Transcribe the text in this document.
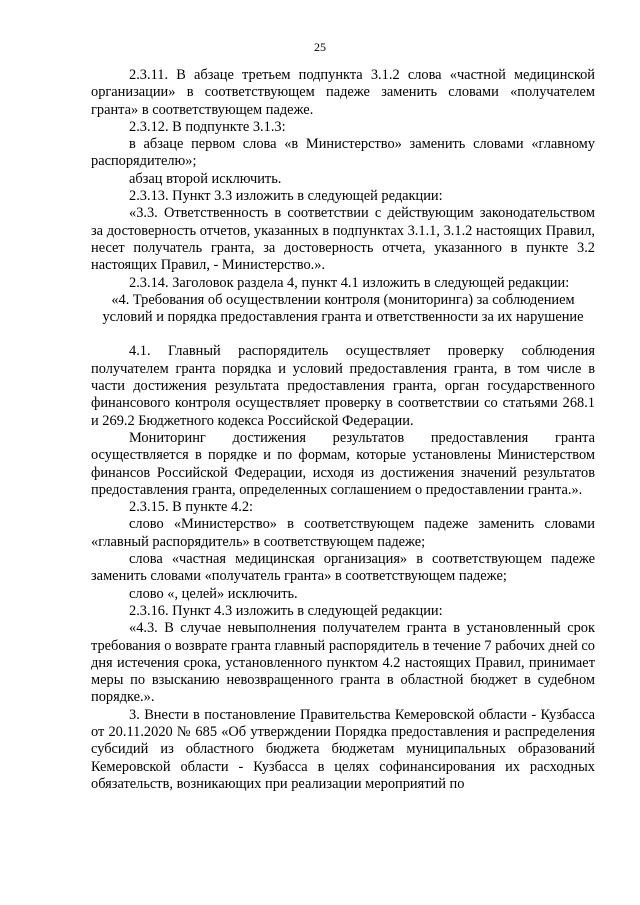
25

2.3.11. В абзаце третьем подпункта 3.1.2 слова «частной медицинской организации» в соответствующем падеже заменить словами «получателем гранта» в соответствующем падеже.

2.3.12. В подпункте 3.1.3:

в абзаце первом слова «в Министерство» заменить словами «главному распорядителю»;

абзац второй исключить.

2.3.13. Пункт 3.3 изложить в следующей редакции:

«3.3. Ответственность в соответствии с действующим законодательством за достоверность отчетов, указанных в подпунктах 3.1.1, 3.1.2 настоящих Правил, несет получатель гранта, за достоверность отчета, указанного в пункте 3.2 настоящих Правил, - Министерство.».

2.3.14. Заголовок раздела 4, пункт 4.1 изложить в следующей редакции:

«4. Требования об осуществлении контроля (мониторинга) за соблюдением условий и порядка предоставления гранта и ответственности за их нарушение

4.1. Главный распорядитель осуществляет проверку соблюдения получателем гранта порядка и условий предоставления гранта, в том числе в части достижения результата предоставления гранта, орган государственного финансового контроля осуществляет проверку в соответствии со статьями 268.1 и 269.2 Бюджетного кодекса Российской Федерации.

Мониторинг достижения результатов предоставления гранта осуществляется в порядке и по формам, которые установлены Министерством финансов Российской Федерации, исходя из достижения значений результатов предоставления гранта, определенных соглашением о предоставлении гранта.».

2.3.15. В пункте 4.2:

слово «Министерство» в соответствующем падеже заменить словами «главный распорядитель» в соответствующем падеже;

слова «частная медицинская организация» в соответствующем падеже заменить словами «получатель гранта» в соответствующем падеже;

слово «, целей» исключить.

2.3.16. Пункт 4.3 изложить в следующей редакции:

«4.3. В случае невыполнения получателем гранта в установленный срок требования о возврате гранта главный распорядитель в течение 7 рабочих дней со дня истечения срока, установленного пунктом 4.2 настоящих Правил, принимает меры по взысканию невозвращенного гранта в областной бюджет в судебном порядке.».

3. Внести в постановление Правительства Кемеровской области - Кузбасса от 20.11.2020 № 685 «Об утверждении Порядка предоставления и распределения субсидий из областного бюджета бюджетам муниципальных образований Кемеровской области - Кузбасса в целях софинансирования их расходных обязательств, возникающих при реализации мероприятий по
